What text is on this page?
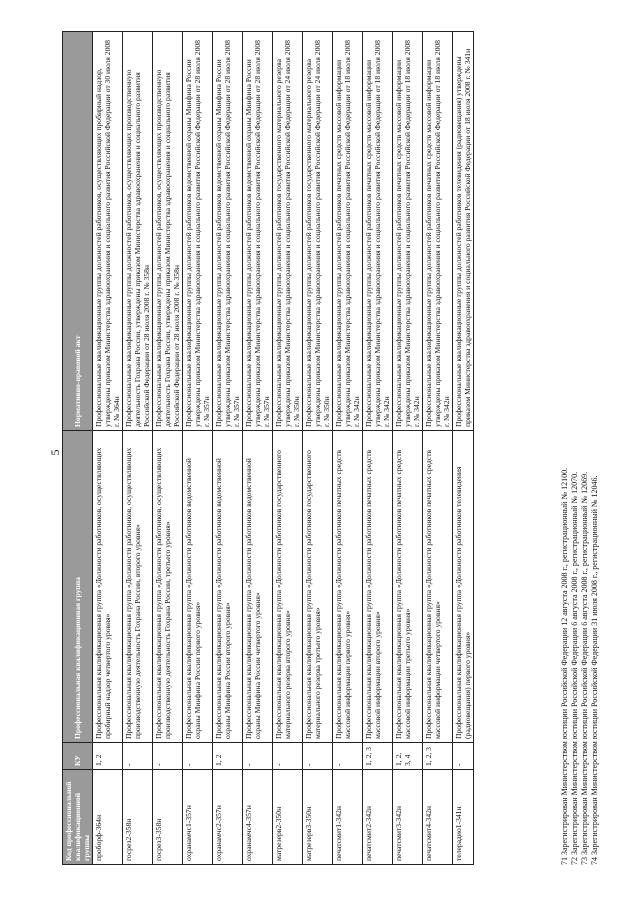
5
Код профессиональной квалификационной группы	КУ	Профессиональная квалификационная группа	Нормативно-правовой акт
проборф-364н	1, 2	Профессиональная квалификационная группа «Должности работников, осуществляющих пробирный надзор четвертого уровня»	Профессиональные квалификационные группы должностей работников, осуществляющих пробирный надзор, утверждены приказом Министерства здравоохранения и социального развития Российской Федерации от 30 июля 2008 г. № 364н
госрез2-358н	-	Профессиональная квалификационная группа «Должности работников, осуществляющих производственную деятельность Гохрана России, второго уровня»	Профессиональные квалификационные группы должностей работников, осуществляющих производственную деятельность Гохрана России, утверждены приказом Министерства здравоохранения и социального развития Российской Федерации от 28 июля 2008 г. № 358н
госрез3-358н	-	Профессиональная квалификационная группа «Должности работников, осуществляющих производственную деятельность Гохрана России, третьего уровня»	Профессиональные квалификационные группы должностей работников, осуществляющих производственную деятельность Гохрана России, утверждены приказом Министерства здравоохранения и социального развития Российской Федерации от 28 июля 2008 г. № 358н
охранамчс1-357н	-	Профессиональная квалификационная группа «Должности работников ведомственной охраны Минфина России первого уровня»	Профессиональные квалификационные группы должностей работников ведомственной охраны Минфина России утверждены приказом Министерства здравоохранения и социального развития Российской Федерации от 28 июля 2008 г. № 357н
охранамчс2-357н	1, 2	Профессиональная квалификационная группа «Должности работников ведомственной охраны Минфина России второго уровня»	Профессиональные квалификационные группы должностей работников ведомственной охраны Минфина России утверждены приказом Министерства здравоохранения и социального развития Российской Федерации от 28 июля 2008 г. № 357н
охранамчс4-357н	-	Профессиональная квалификационная группа «Должности работников ведомственной охраны Минфина России четвертого уровня»	Профессиональные квалификационные группы должностей работников ведомственной охраны Минфина России утверждены приказом Министерства здравоохранения и социального развития Российской Федерации от 28 июля 2008 г. № 357н
матрезерв2-350н	-	Профессиональная квалификационная группа «Должности работников государственного материального резерва второго уровня»	Профессиональные квалификационные группы должностей работников государственного материального резерва утверждены приказом Министерства здравоохранения и социального развития Российской Федерации от 24 июля 2008 г. № 350н
матрезерв3-350н	-	Профессиональная квалификационная группа «Должности работников государственного материального резерва третьего уровня»	Профессиональные квалификационные группы должностей работников государственного материального резерва утверждены приказом Министерства здравоохранения и социального развития Российской Федерации от 24 июля 2008 г. № 350н
печатсмит1-342н	-	Профессиональная квалификационная группа «Должности работников печатных средств массовой информации первого уровня»	Профессиональные квалификационные группы должностей работников печатных средств массовой информации утверждены приказом Министерства здравоохранения и социального развития Российской Федерации от 18 июля 2008 г. № 342н
печатсмит2-342н	1, 2, 3	Профессиональная квалификационная группа «Должности работников печатных средств массовой информации второго уровня»	Профессиональные квалификационные группы должностей работников печатных средств массовой информации утверждены приказом Министерства здравоохранения и социального развития Российской Федерации от 18 июля 2008 г. № 342н
печатсмит3-342н	1, 2, 3, 4	Профессиональная квалификационная группа «Должности работников печатных средств массовой информации третьего уровня»	Профессиональные квалификационные группы должностей работников печатных средств массовой информации утверждены приказом Министерства здравоохранения и социального развития Российской Федерации от 18 июля 2008 г. № 342н
печатсмит4-342н	1, 2, 3	Профессиональная квалификационная группа «Должности работников печатных средств массовой информации четвертого уровня»	Профессиональные квалификационные группы должностей работников печатных средств массовой информации утверждены приказом Министерства здравоохранения и социального развития Российской Федерации от 18 июля 2008 г. № 342н
телерадио1-341н	-	Профессиональная квалификационная группа «Должности работников телевидения (радиовещания) первого уровня»	Профессиональные квалификационные группы должностей работников телевидения (радиовещания) утверждены приказом Министерства здравоохранения и социального развития Российской Федерации от 18 июля 2008 г. № 341н
71 Зарегистрирован Министерством юстиции Российской Федерации 12 августа 2008 г., регистрационный № 12100. 72 Зарегистрирован Министерством юстиции Российской Федерации 6 августа 2008 г., регистрационный № 12070. 73 Зарегистрирован Министерством юстиции Российской Федерации 6 августа 2008 г., регистрационный № 12069. 74 Зарегистрирован Министерством юстиции Российской Федерации 31 июля 2008 г., регистрационный № 12046.
